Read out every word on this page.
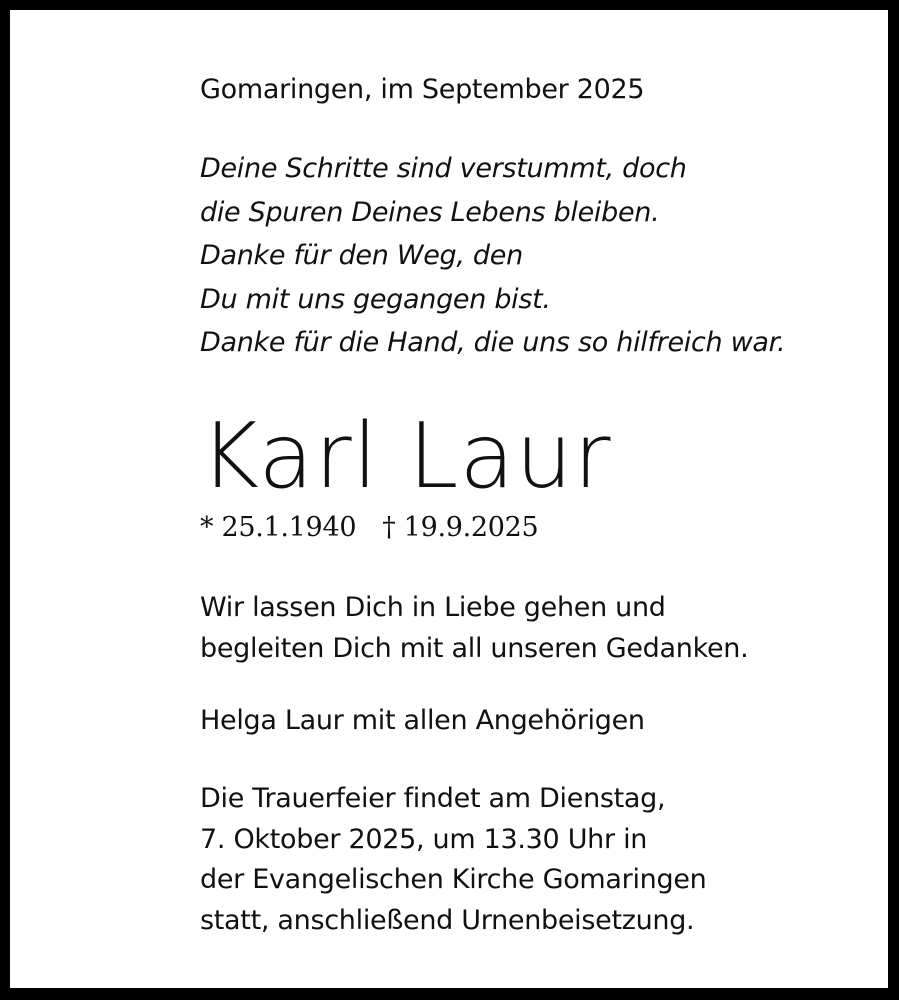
Gomaringen, im September 2025

Deine Schritte sind verstummt, doch
die Spuren Deines Lebens bleiben.
Danke für den Weg, den
Du mit uns gegangen bist.
Danke für die Hand, die uns so hilfreich war.

Karl Laur

* 25.1.1940 † 19.9.2025

Wir lassen Dich in Liebe gehen und
begleiten Dich mit all unseren Gedanken.

Helga Laur mit allen Angehörigen

Die Trauerfeier findet am Dienstag,
7. Oktober 2025, um 13.30 Uhr in
der Evangelischen Kirche Gomaringen
statt, anschließend Urnenbeisetzung.
